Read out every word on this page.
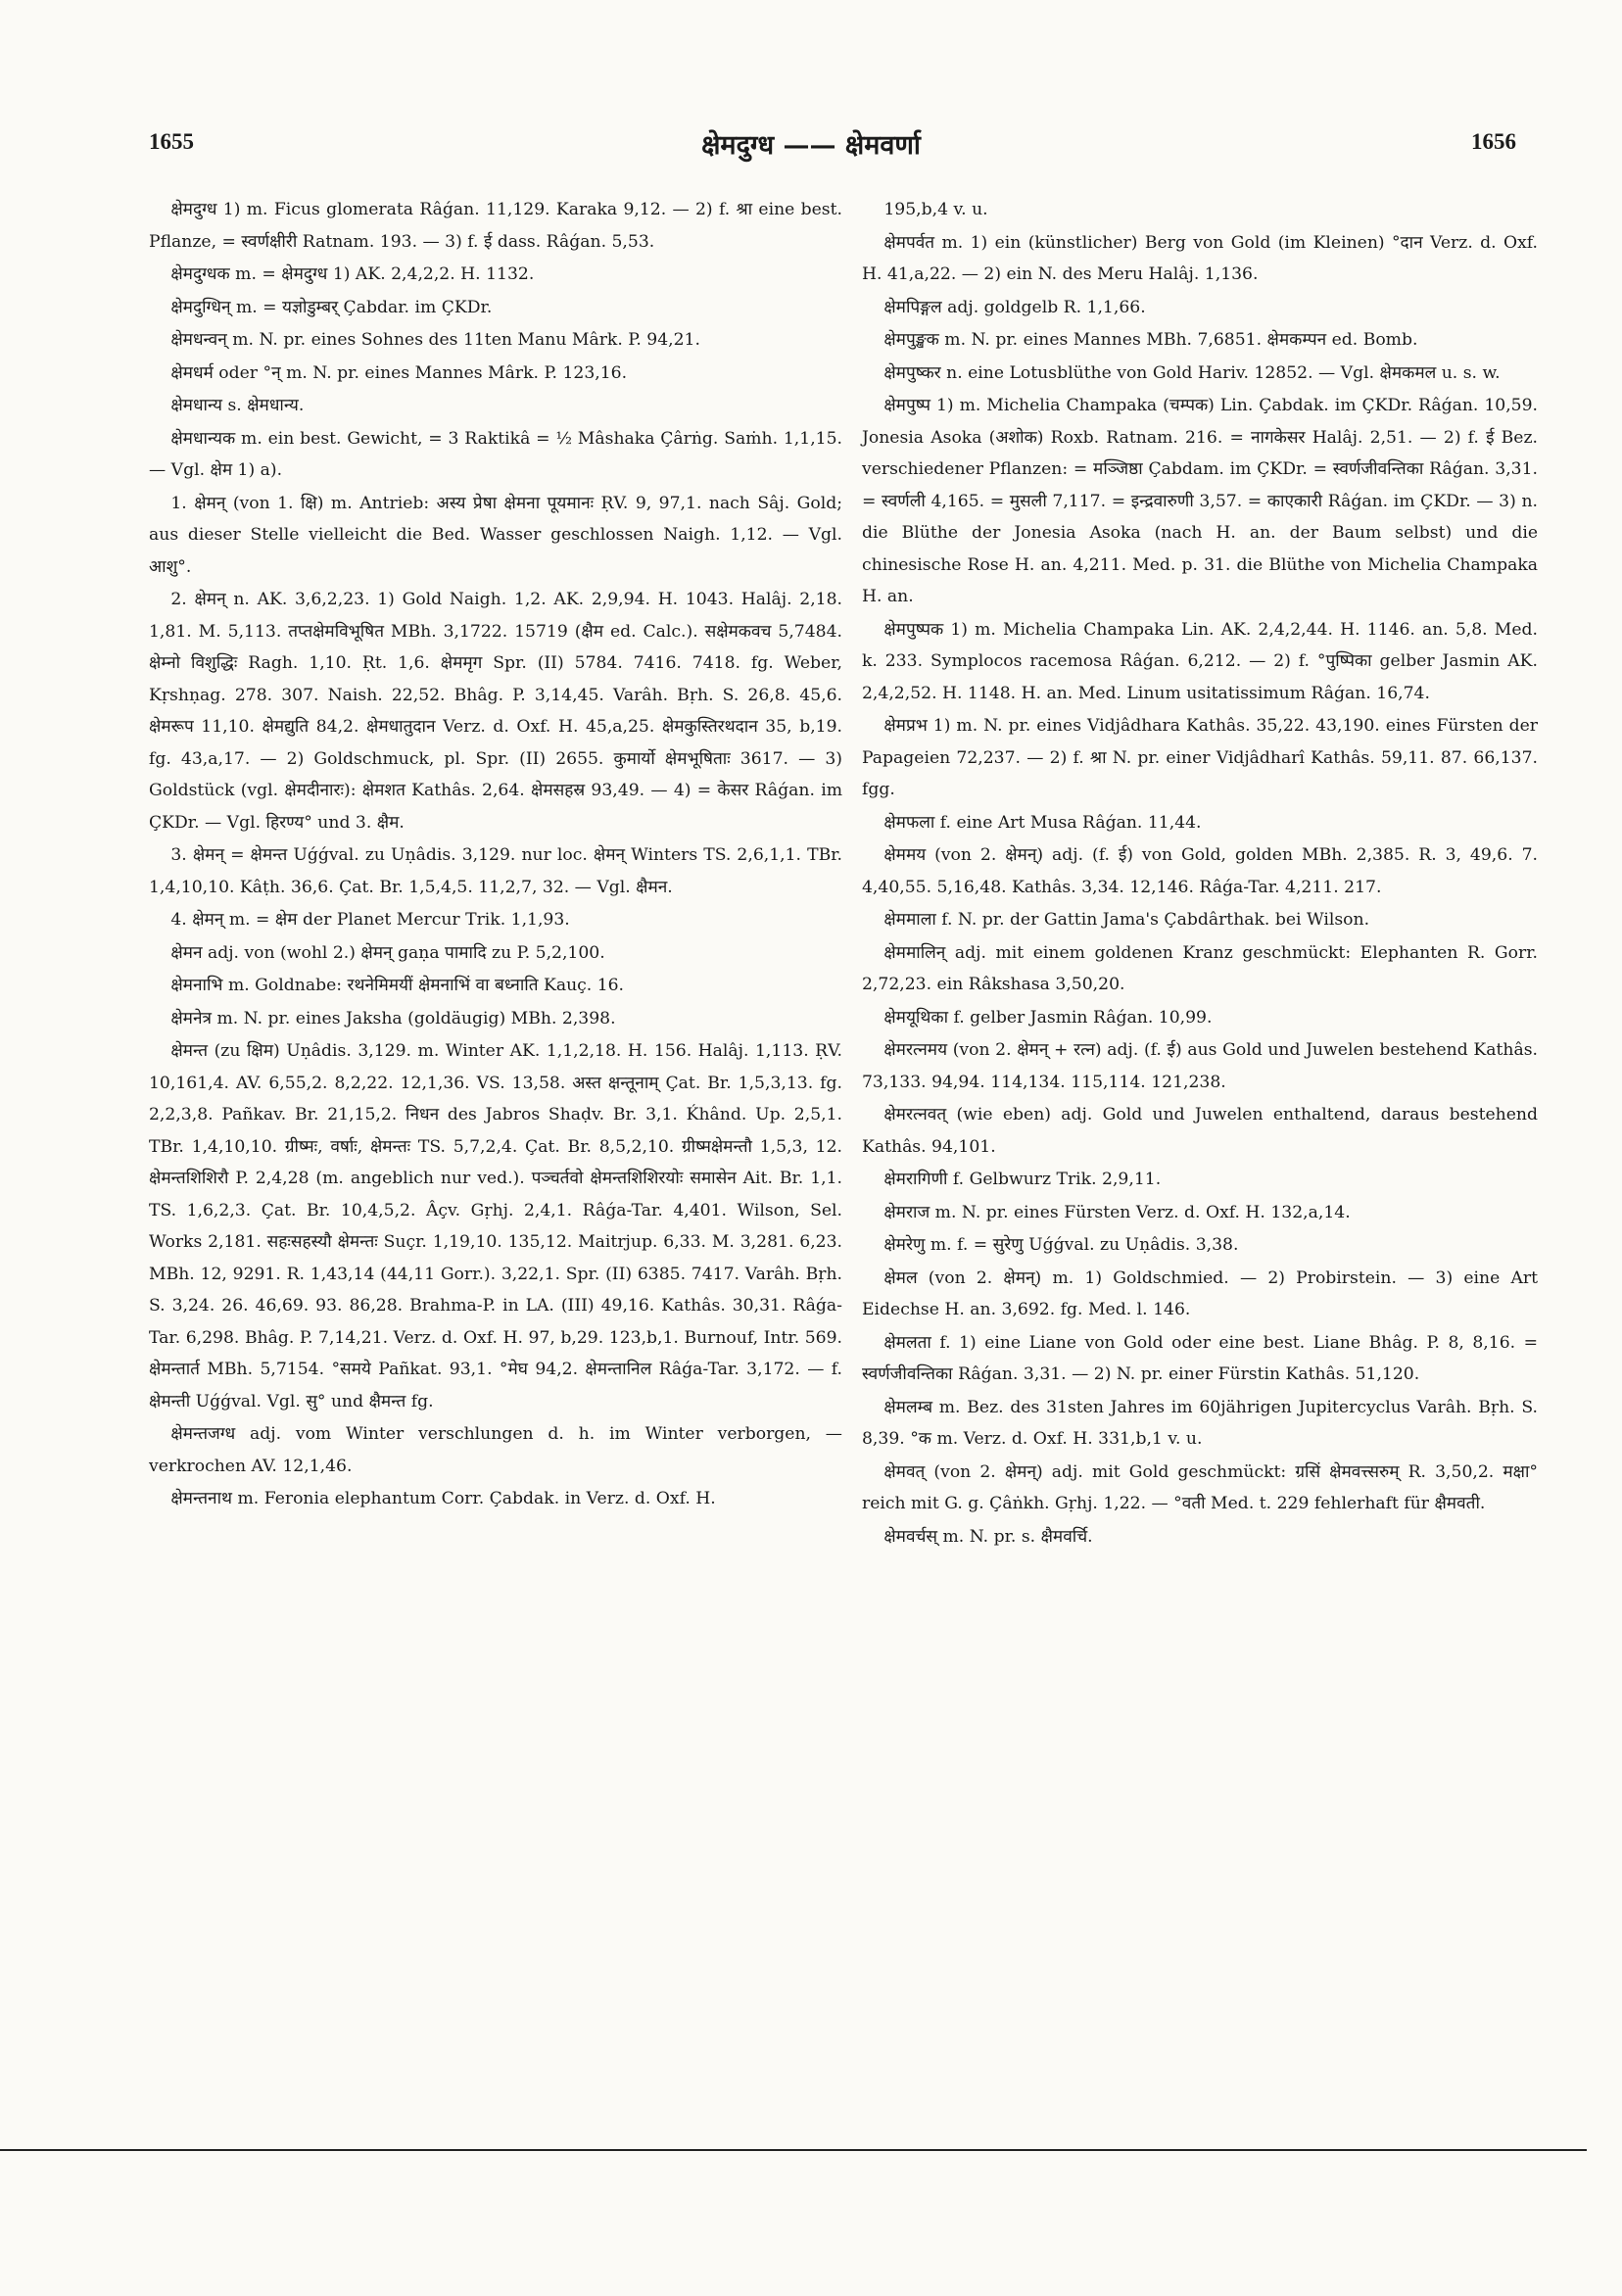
1655	क्षेमदुग्ध —— क्षेमवर्णा	1656

क्षेमदुग्ध 1) m. Ficus glomerata Râǵan. 11,129. Karaka 9,12. — 2) f. श्रा eine best. Pflanze, = स्वर्णक्षीरी Ratnam. 193. — 3) f. ई dass. Râǵan. 5,53.

क्षेमदुग्धक m. = क्षेमदुग्ध 1) AK. 2,4,2,2. H. 1132.

क्षेमदुग्धिन् m. = यज्ञोडुम्बर् Çabdar. im ÇKDr.

क्षेमधन्वन् m. N. pr. eines Sohnes des 11ten Manu Mârk. P. 94,21.

क्षेमधर्म oder °न् m. N. pr. eines Mannes Mârk. P. 123,16.

क्षेमधान्य s. क्षेमधान्य.

क्षेमधान्यक m. ein best. Gewicht, = 3 Raktikâ = ½ Mâshaka Çârṅg. Saṁh. 1,1,15. — Vgl. क्षेम 1) a).

1. क्षेमन् (von 1. क्षि) m. Antrieb: अस्य प्रेषा क्षेमना पूयमानः ṚV. 9, 97,1. nach Sâj. Gold; aus dieser Stelle vielleicht die Bed. Wasser geschlossen Naigh. 1,12. — Vgl. आशु°.

2. क्षेमन् n. AK. 3,6,2,23. 1) Gold Naigh. 1,2. AK. 2,9,94. H. 1043. Halâj. 2,18. 1,81. M. 5,113. तप्तक्षेमविभूषित MBh. 3,1722. 15719 (क्षैम ed. Calc.). सक्षेमकवच 5,7484. क्षेम्नो विशुद्धिः Ragh. 1,10. Ṛt. 1,6. क्षेममृग Spr. (II) 5784. 7416. 7418. fg. Weber, Kṛshṇag. 278. 307. Naish. 22,52. Bhâg. P. 3,14,45. Varâh. Bṛh. S. 26,8. 45,6. क्षेमरूप 11,10. क्षेमद्युति 84,2. क्षेमधातुदान Verz. d. Oxf. H. 45,a,25. क्षेमकुस्तिरथदान 35, b,19. fg. 43,a,17. — 2) Goldschmuck, pl. Spr. (II) 2655. कुमार्यो क्षेमभूषिताः 3617. — 3) Goldstück (vgl. क्षेमदीनारः): क्षेमशत Kathâs. 2,64. क्षेमसहस्र 93,49. — 4) = केसर Râǵan. im ÇKDr. — Vgl. हिरण्य° und 3. क्षैम.

3. क्षेमन् = क्षेमन्त Uǵǵval. zu Uṇâdis. 3,129. nur loc. क्षेमन् Winters TS. 2,6,1,1. TBr. 1,4,10,10. Kâṭh. 36,6. Çat. Br. 1,5,4,5. 11,2,7, 32. — Vgl. क्षैमन.

4. क्षेमन् m. = क्षेम der Planet Mercur Trik. 1,1,93.

क्षेमन adj. von (wohl 2.) क्षेमन् gaṇa पामादि zu P. 5,2,100.

क्षेमनाभि m. Goldnabe: रथनेमिमयीं क्षेमनाभिं वा बध्नाति Kauç. 16.

क्षेमनेत्र m. N. pr. eines Jaksha (goldäugig) MBh. 2,398.

क्षेमन्त (zu क्षिम) Uṇâdis. 3,129. m. Winter AK. 1,1,2,18. H. 156. Halâj. 1,113. ṚV. 10,161,4. AV. 6,55,2. 8,2,22. 12,1,36. VS. 13,58. अस्त क्षन्तूनाम् Çat. Br. 1,5,3,13. fg. 2,2,3,8. Pañkav. Br. 21,15,2. निधन des Jabros Shaḍv. Br. 3,1. Ḱhând. Up. 2,5,1. TBr. 1,4,10,10. ग्रीष्मः, वर्षाः, क्षेमन्तः TS. 5,7,2,4. Çat. Br. 8,5,2,10. ग्रीष्मक्षेमन्तौ 1,5,3, 12. क्षेमन्तशिशिरौ P. 2,4,28 (m. angeblich nur ved.). पञ्चर्तवो क्षेमन्तशिशिरयोः समासेन Ait. Br. 1,1. TS. 1,6,2,3. Çat. Br. 10,4,5,2. Âçv. Gṛhj. 2,4,1. Râǵa-Tar. 4,401. Wilson, Sel. Works 2,181. सहःसहस्यौ क्षेमन्तः Suçr. 1,19,10. 135,12. Maitrjup. 6,33. M. 3,281. 6,23. MBh. 12, 9291. R. 1,43,14 (44,11 Gorr.). 3,22,1. Spr. (II) 6385. 7417. Varâh. Bṛh. S. 3,24. 26. 46,69. 93. 86,28. Brahma-P. in LA. (III) 49,16. Kathâs. 30,31. Râǵa-Tar. 6,298. Bhâg. P. 7,14,21. Verz. d. Oxf. H. 97, b,29. 123,b,1. Burnouf, Intr. 569. क्षेमन्तार्त MBh. 5,7154. °समये Pañkat. 93,1. °मेघ 94,2. क्षेमन्तानिल Râǵa-Tar. 3,172. — f. क्षेमन्ती Uǵǵval. Vgl. सु° und क्षैमन्त fg.

क्षेमन्तजग्ध adj. vom Winter verschlungen d. h. im Winter verborgen, — verkrochen AV. 12,1,46.

क्षेमन्तनाथ m. Feronia elephantum Corr. Çabdak. in Verz. d. Oxf. H.

195,b,4 v. u.

क्षेमपर्वत m. 1) ein (künstlicher) Berg von Gold (im Kleinen) °दान Verz. d. Oxf. H. 41,a,22. — 2) ein N. des Meru Halâj. 1,136.

क्षेमपिङ्गल adj. goldgelb R. 1,1,66.

क्षेमपुङ्खक m. N. pr. eines Mannes MBh. 7,6851. क्षेमकम्पन ed. Bomb.

क्षेमपुष्कर n. eine Lotusblüthe von Gold Hariv. 12852. — Vgl. क्षेमकमल u. s. w.

क्षेमपुष्प 1) m. Michelia Champaka (चम्पक) Lin. Çabdak. im ÇKDr. Râǵan. 10,59. Jonesia Asoka (अशोक) Roxb. Ratnam. 216. = नागकेसर Halâj. 2,51. — 2) f. ई Bez. verschiedener Pflanzen: = मञ्जिष्ठा Çabdam. im ÇKDr. = स्वर्णजीवन्तिका Râǵan. 3,31. = स्वर्णली 4,165. = मुसली 7,117. = इन्द्रवारुणी 3,57. = काएकारी Râǵan. im ÇKDr. — 3) n. die Blüthe der Jonesia Asoka (nach H. an. der Baum selbst) und die chinesische Rose H. an. 4,211. Med. p. 31. die Blüthe von Michelia Champaka H. an.

क्षेमपुष्पक 1) m. Michelia Champaka Lin. AK. 2,4,2,44. H. 1146. an. 5,8. Med. k. 233. Symplocos racemosa Râǵan. 6,212. — 2) f. °पुष्पिका gelber Jasmin AK. 2,4,2,52. H. 1148. H. an. Med. Linum usitatissimum Râǵan. 16,74.

क्षेमप्रभ 1) m. N. pr. eines Vidjâdhara Kathâs. 35,22. 43,190. eines Fürsten der Papageien 72,237. — 2) f. श्रा N. pr. einer Vidjâdharî Kathâs. 59,11. 87. 66,137. fgg.

क्षेमफला f. eine Art Musa Râǵan. 11,44.

क्षेममय (von 2. क्षेमन्) adj. (f. ई) von Gold, golden MBh. 2,385. R. 3, 49,6. 7. 4,40,55. 5,16,48. Kathâs. 3,34. 12,146. Râǵa-Tar. 4,211. 217.

क्षेममाला f. N. pr. der Gattin Jama's Çabdârthak. bei Wilson.

क्षेममालिन् adj. mit einem goldenen Kranz geschmückt: Elephanten R. Gorr. 2,72,23. ein Râkshasa 3,50,20.

क्षेमयूथिका f. gelber Jasmin Râǵan. 10,99.

क्षेमरत्नमय (von 2. क्षेमन् + रत्न) adj. (f. ई) aus Gold und Juwelen bestehend Kathâs. 73,133. 94,94. 114,134. 115,114. 121,238.

क्षेमरत्नवत् (wie eben) adj. Gold und Juwelen enthaltend, daraus bestehend Kathâs. 94,101.

क्षेमरागिणी f. Gelbwurz Trik. 2,9,11.

क्षेमराज m. N. pr. eines Fürsten Verz. d. Oxf. H. 132,a,14.

क्षेमरेणु m. f. = सुरेणु Uǵǵval. zu Uṇâdis. 3,38.

क्षेमल (von 2. क्षेमन्) m. 1) Goldschmied. — 2) Probirstein. — 3) eine Art Eidechse H. an. 3,692. fg. Med. l. 146.

क्षेमलता f. 1) eine Liane von Gold oder eine best. Liane Bhâg. P. 8, 8,16. = स्वर्णजीवन्तिका Râǵan. 3,31. — 2) N. pr. einer Fürstin Kathâs. 51,120.

क्षेमलम्ब m. Bez. des 31sten Jahres im 60jährigen Jupitercyclus Varâh. Bṛh. S. 8,39. °क m. Verz. d. Oxf. H. 331,b,1 v. u.

क्षेमवत् (von 2. क्षेमन्) adj. mit Gold geschmückt: ग्रसिं क्षेमवत्त्सरुम् R. 3,50,2. मक्षा° reich mit G. g. Çâṅkh. Gṛhj. 1,22. — °वती Med. t. 229 fehlerhaft für क्षैमवती.

क्षेमवर्चस् m. N. pr. s. क्षैमवर्चि.
